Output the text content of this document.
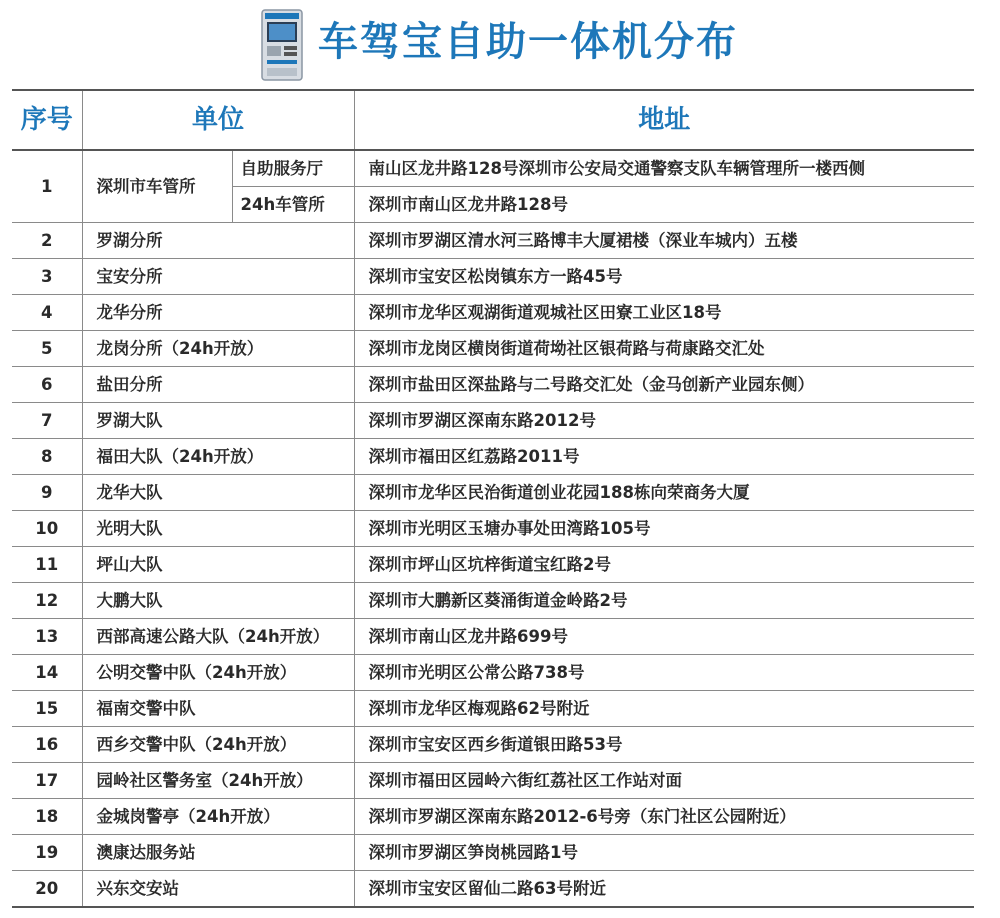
车驾宝自助一体机分布
序号	单位		地址
1	深圳市车管所	自助服务厅	南山区龙井路128号深圳市公安局交通警察支队车辆管理所一楼西侧
		24h车管所	深圳市南山区龙井路128号
2	罗湖分所		深圳市罗湖区清水河三路博丰大厦裙楼（深业车城内）五楼
3	宝安分所		深圳市宝安区松岗镇东方一路45号
4	龙华分所		深圳市龙华区观湖街道观城社区田寮工业区18号
5	龙岗分所（24h开放）		深圳市龙岗区横岗街道荷坳社区银荷路与荷康路交汇处
6	盐田分所		深圳市盐田区深盐路与二号路交汇处（金马创新产业园东侧）
7	罗湖大队		深圳市罗湖区深南东路2012号
8	福田大队（24h开放）		深圳市福田区红荔路2011号
9	龙华大队		深圳市龙华区民治街道创业花园188栋向荣商务大厦
10	光明大队		深圳市光明区玉塘办事处田湾路105号
11	坪山大队		深圳市坪山区坑梓街道宝红路2号
12	大鹏大队		深圳市大鹏新区葵涌街道金岭路2号
13	西部高速公路大队（24h开放）		深圳市南山区龙井路699号
14	公明交警中队（24h开放）		深圳市光明区公常公路738号
15	福南交警中队		深圳市龙华区梅观路62号附近
16	西乡交警中队（24h开放）		深圳市宝安区西乡街道银田路53号
17	园岭社区警务室（24h开放）		深圳市福田区园岭六街红荔社区工作站对面
18	金城岗警亭（24h开放）		深圳市罗湖区深南东路2012-6号旁（东门社区公园附近）
19	澳康达服务站		深圳市罗湖区笋岗桃园路1号
20	兴东交安站		深圳市宝安区留仙二路63号附近
